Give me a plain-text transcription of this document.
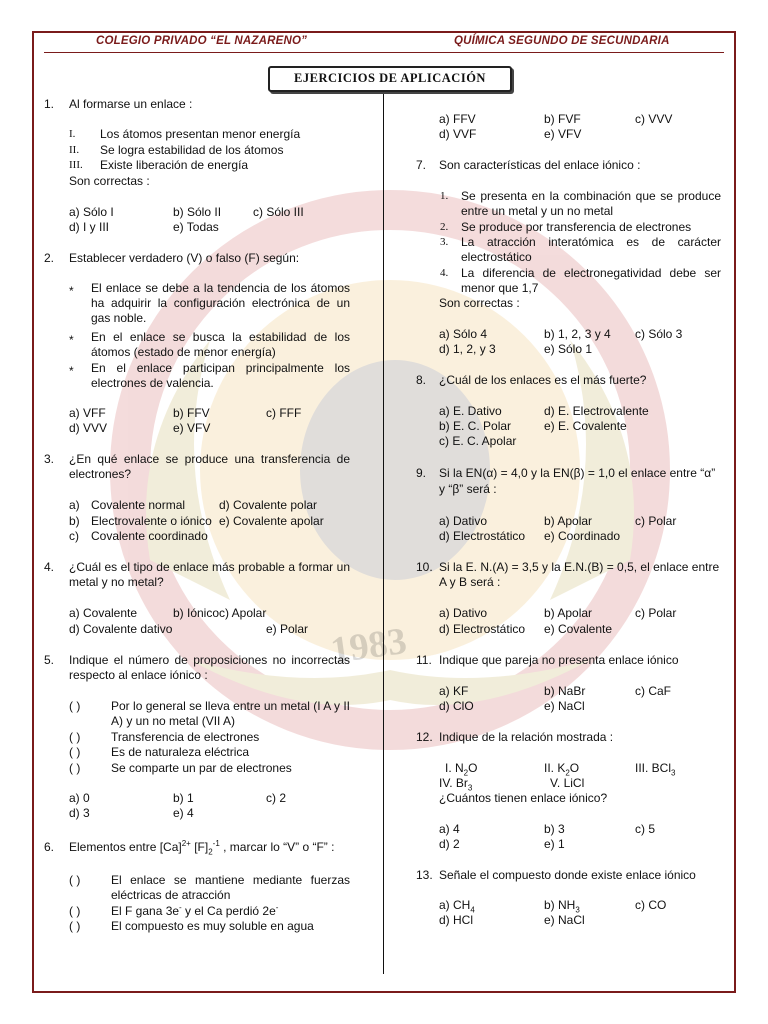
1983
COLEGIO PRIVADO “EL NAZARENO”	QUÍMICA SEGUNDO DE SECUNDARIA
EJERCICIOS DE APLICACIÓN
1. Al formarse un enlace :
I. Los átomos presentan menor energía
II. Se logra estabilidad de los átomos
III. Existe liberación de energía
Son correctas :
a) Sólo I	b) Sólo II	c) Sólo III
d) I y III	e) Todas
2. Establecer verdadero (V) o falso (F) según:
* El enlace se debe a la tendencia de los átomos ha adquirir la configuración electrónica de un gas noble.
* En el enlace se busca la estabilidad de los átomos (estado de menor energía)
* En el enlace participan principalmente los electrones de valencia.
a) VFF	b) FFV	c) FFF
d) VVV	e) VFV
3. ¿En qué enlace se produce una transferencia de electrones?
a) Covalente normal	d) Covalente polar
b) Electrovalente o iónico e) Covalente apolar
c) Covalente coordinado
4. ¿Cuál es el tipo de enlace más probable a formar un metal y no metal?
a) Covalente	b) Iónico c) Apolar
d) Covalente dativo	e) Polar
5. Indique el número de proposiciones no incorrectas respecto al enlace iónico :
( )	Por lo general se lleva entre un metal (I A y II A) y un no metal (VII A)
( )	Transferencia de electrones
( )	Es de naturaleza eléctrica
( )	Se comparte un par de electrones
a) 0	b) 1	c) 2
d) 3	e) 4
6. Elementos entre $[Ca]^{2+}$ $[F]_2^{-1}$ , marcar lo “V” o “F” :
( )	El enlace se mantiene mediante fuerzas eléctricas de atracción
( )	El F gana 3e- y el Ca perdió 2e-
( )	El compuesto es muy soluble en agua
a) FFV	b) FVF	c) VVV
d) VVF	e) VFV
7. Son características del enlace iónico :
1. Se presenta en la combinación que se produce entre un metal y un no metal
2. Se produce por transferencia de electrones
3. La atracción interatómica es de carácter electrostático
4. La diferencia de electronegatividad debe ser menor que 1,7
Son correctas :
a) Sólo 4	b) 1, 2, 3 y 4 c) Sólo 3
d) 1, 2, y 3	e) Sólo 1
8. ¿Cuál de los enlaces es el más fuerte?
a) E. Dativo	d) E. Electrovalente
b) E. C. Polar	e) E. Covalente
c) E. C. Apolar
9. Si la EN(α) = 4,0 y la EN(β) = 1,0 el enlace entre “α”
y “β” será :
a) Dativo	b) Apolar	c) Polar
d) Electrostático e) Coordinado
10. Si la E. N.(A) = 3,5 y la E.N.(B) = 0,5, el enlace entre
A y B será :
a) Dativo	b) Apolar	c) Polar
d) Electrostático e) Covalente
11. Indique que pareja no presenta enlace iónico
a) KF	b) NaBr	c) CaF
d) ClO	e) NaCl
12. Indique de la relación mostrada :
I. $N_2O$	II. $K_2O$	III. BCl$_3$
IV. $Br_3$	V. LiCl
¿Cuántos tienen enlace iónico?
a) 4	b) 3	c) 5
d) 2	e) 1
13. Señale el compuesto donde existe enlace iónico
a) $CH_4$	b) $NH_3$	c) CO
d) HCl	e) NaCl
